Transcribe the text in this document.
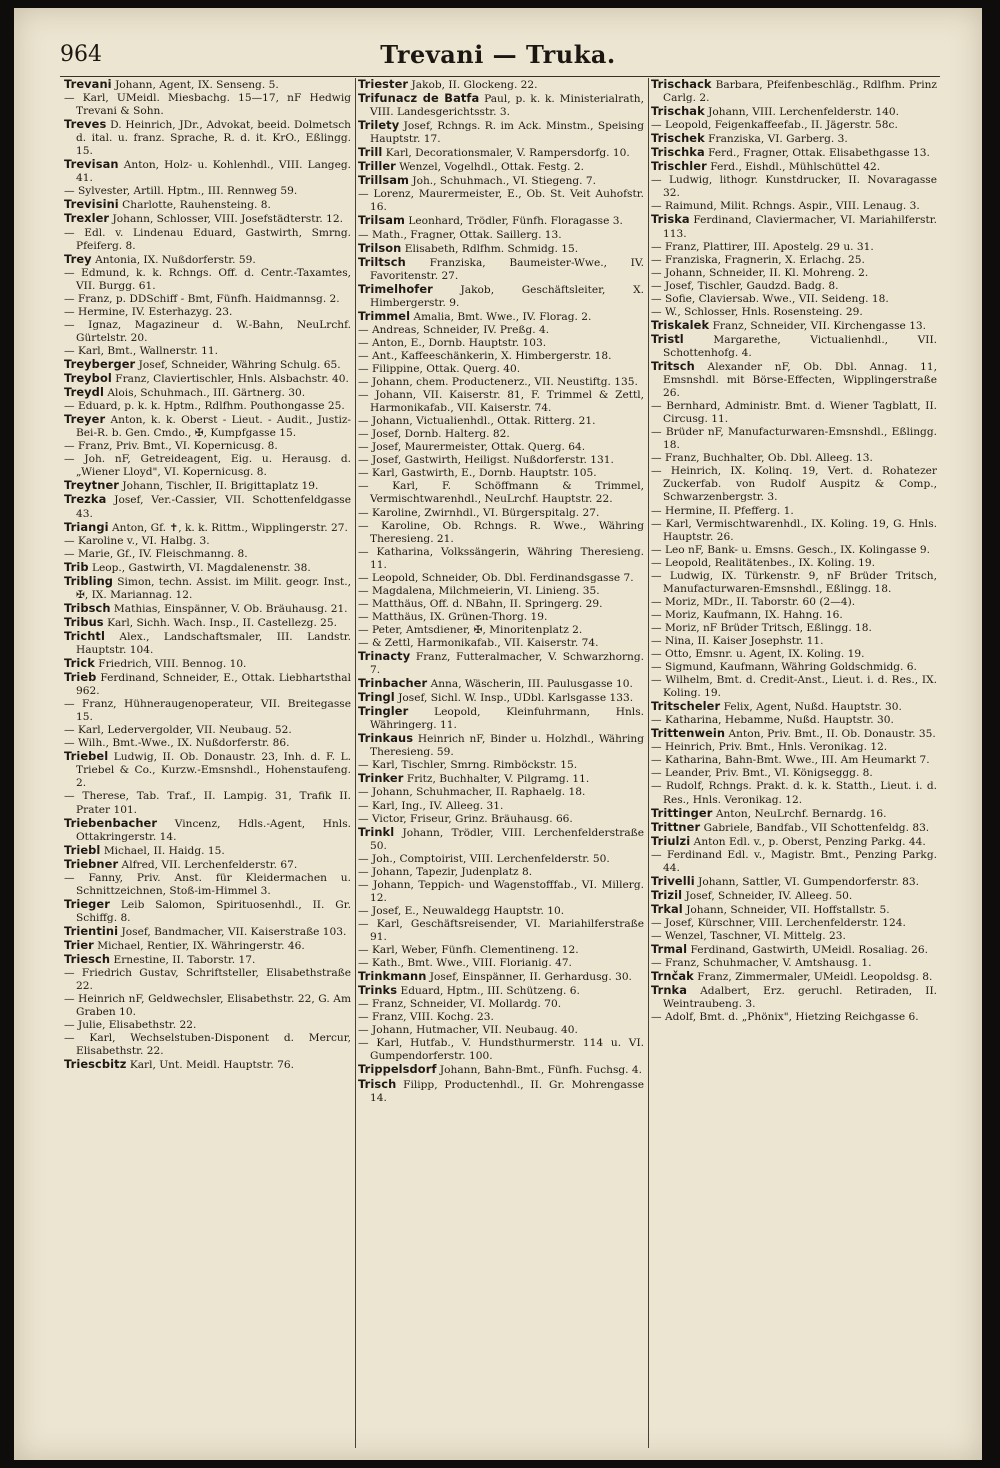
964	Trevani — Truka.

Trevani Johann, Agent, IX. Senseng. 5.

— Karl, UMeidl. Miesbachg. 15—17, nF Hedwig Trevani & Sohn.

Treves D. Heinrich, JDr., Advokat, beeid. Dolmetsch d. ital. u. franz. Sprache, R. d. it. KrO., Eßlingg. 15.

Trevisan Anton, Holz- u. Kohlenhdl., VIII. Langeg. 41.

— Sylvester, Artill. Hptm., III. Rennweg 59.

Trevisini Charlotte, Rauhensteing. 8.

Trexler Johann, Schlosser, VIII. Josefstädterstr. 12.

— Edl. v. Lindenau Eduard, Gastwirth, Smrng. Pfeiferg. 8.

Trey Antonia, IX. Nußdorferstr. 59.

— Edmund, k. k. Rchngs. Off. d. Centr.-Taxamtes, VII. Burgg. 61.

— Franz, p. DDSchiff - Bmt, Fünfh. Haidmannsg. 2.

— Hermine, IV. Esterhazyg. 23.

— Ignaz, Magazineur d. W.-Bahn, NeuLrchf. Gürtelstr. 20.

— Karl, Bmt., Wallnerstr. 11.

Treyberger Josef, Schneider, Währing Schulg. 65.

Treybol Franz, Claviertischler, Hnls. Alsbachstr. 40.

Treydl Alois, Schuhmach., III. Gärtnerg. 30.

— Eduard, p. k. k. Hptm., Rdlfhm. Pouthongasse 25.

Treyer Anton, k. k. Oberst - Lieut. - Audit., Justiz-Bei-R. b. Gen. Cmdo., ✠, Kumpfgasse 15.

— Franz, Priv. Bmt., VI. Kopernicusg. 8.

— Joh. nF, Getreideagent, Eig. u. Herausg. d. „Wiener Lloyd", VI. Kopernicusg. 8.

Treytner Johann, Tischler, II. Brigittaplatz 19.

Trezka Josef, Ver.-Cassier, VII. Schottenfeldgasse 43.

Triangi Anton, Gf. ✝, k. k. Rittm., Wipplingerstr. 27.

— Karoline v., VI. Halbg. 3.

— Marie, Gf., IV. Fleischmanng. 8.

Trib Leop., Gastwirth, VI. Magdalenenstr. 38.

Tribling Simon, techn. Assist. im Milit. geogr. Inst., ✠, IX. Mariannag. 12.

Tribsch Mathias, Einspänner, V. Ob. Bräuhausg. 21.

Tribus Karl, Sichh. Wach. Insp., II. Castellezg. 25.

Trichtl Alex., Landschaftsmaler, III. Landstr. Hauptstr. 104.

Trick Friedrich, VIII. Bennog. 10.

Trieb Ferdinand, Schneider, E., Ottak. Liebhartsthal 962.

— Franz, Hühneraugenoperateur, VII. Breitegasse 15.

— Karl, Ledervergolder, VII. Neubaug. 52.

— Wilh., Bmt.-Wwe., IX. Nußdorferstr. 86.

Triebel Ludwig, II. Ob. Donaustr. 23, Inh. d. F. L. Triebel & Co., Kurzw.-Emsnshdl., Hohenstaufeng. 2.

— Therese, Tab. Traf., II. Lampig. 31, Trafik II. Prater 101.

Triebenbacher Vincenz, Hdls.-Agent, Hnls. Ottakringerstr. 14.

Triebl Michael, II. Haidg. 15.

Triebner Alfred, VII. Lerchenfelderstr. 67.

— Fanny, Priv. Anst. für Kleidermachen u. Schnittzeichnen, Stoß-im-Himmel 3.

Trieger Leib Salomon, Spirituosenhdl., II. Gr. Schiffg. 8.

Trientini Josef, Bandmacher, VII. Kaiserstraße 103.

Trier Michael, Rentier, IX. Währingerstr. 46.

Triesch Ernestine, II. Taborstr. 17.

— Friedrich Gustav, Schriftsteller, Elisabethstraße 22.

— Heinrich nF, Geldwechsler, Elisabethstr. 22, G. Am Graben 10.

— Julie, Elisabethstr. 22.

— Karl, Wechselstuben-Disponent d. Mercur, Elisabethstr. 22.

Triescbitz Karl, Unt. Meidl. Hauptstr. 76.

Triester Jakob, II. Glockeng. 22.

Trifunacz de Batfa Paul, p. k. k. Ministerialrath, VIII. Landesgerichtsstr. 3.

Trilety Josef, Rchngs. R. im Ack. Minstm., Speising Hauptstr. 17.

Trill Karl, Decorationsmaler, V. Rampersdorfg. 10.

Triller Wenzel, Vogelhdl., Ottak. Festg. 2.

Trillsam Joh., Schuhmach., VI. Stiegeng. 7.

— Lorenz, Maurermeister, E., Ob. St. Veit Auhofstr. 16.

Trilsam Leonhard, Trödler, Fünfh. Floragasse 3.

— Math., Fragner, Ottak. Saillerg. 13.

Trilson Elisabeth, Rdlfhm. Schmidg. 15.

Triltsch Franziska, Baumeister-Wwe., IV. Favoritenstr. 27.

Trimelhofer	Jakob, Geschäftsleiter, X. Himbergerstr. 9.

Trimmel Amalia, Bmt. Wwe., IV. Florag. 2.

— Andreas, Schneider, IV. Preßg. 4.

— Anton, E., Dornb. Hauptstr. 103.

— Ant., Kaffeeschänkerin, X. Himbergerstr. 18.

— Filippine, Ottak. Querg. 40.

— Johann, chem. Productenerz., VII. Neustiftg. 135.

— Johann, VII. Kaiserstr. 81, F. Trimmel & Zettl, Harmonikafab., VII. Kaiserstr. 74.

— Johann, Victualienhdl., Ottak. Ritterg. 21.

— Josef, Dornb. Halterg. 82.

— Josef, Maurermeister, Ottak. Querg. 64.

— Josef, Gastwirth, Heiligst. Nußdorferstr. 131.

— Karl, Gastwirth, E., Dornb. Hauptstr. 105.

— Karl, F. Schöffmann & Trimmel, Vermischtwarenhdl., NeuLrchf. Hauptstr. 22.

— Karoline, Zwirnhdl., VI. Bürgerspitalg. 27.

— Karoline, Ob. Rchngs. R. Wwe., Währing Theresieng. 21.

— Katharina, Volkssängerin, Währing Theresieng. 11.

— Leopold, Schneider, Ob. Dbl. Ferdinandsgasse 7.

— Magdalena, Milchmeierin, VI. Linieng. 35.

— Matthäus, Off. d. NBahn, II. Springerg. 29.

— Matthäus, IX. Grünen-Thorg. 19.

— Peter, Amtsdiener, ✠, Minoritenplatz 2.

— & Zettl, Harmonikafab., VII. Kaiserstr. 74.

Trinacty Franz, Futteralmacher, V. Schwarzhorng. 7.

Trinbacher Anna, Wäscherin, III. Paulusgasse 10.

Tringl Josef, Sichl. W. Insp., UDbl. Karlsgasse 133.

Tringler Leopold, Kleinfuhrmann, Hnls. Währingerg. 11.

Trinkaus Heinrich nF, Binder u. Holzhdl., Währing Theresieng. 59.

— Karl, Tischler, Smrng. Rimböckstr. 15.

Trinker Fritz, Buchhalter, V. Pilgramg. 11.

— Johann, Schuhmacher, II. Raphaelg. 18.

— Karl, Ing., IV. Alleeg. 31.

— Victor, Friseur, Grinz. Bräuhausg. 66.

Trinkl Johann, Trödler, VIII. Lerchenfelderstraße 50.

— Joh., Comptoirist, VIII. Lerchenfelderstr. 50.

— Johann, Tapezir, Judenplatz 8.

— Johann, Teppich- und Wagenstofffab., VI. Millerg. 12.

— Josef, E., Neuwaldegg Hauptstr. 10.

— Karl, Geschäftsreisender, VI. Mariahilferstraße 91.

— Karl, Weber, Fünfh. Clementineng. 12.

— Kath., Bmt. Wwe., VIII. Florianig. 47.

Trinkmann Josef, Einspänner, II. Gerhardusg. 30.

Trinks Eduard, Hptm., III. Schützeng. 6.

— Franz, Schneider, VI. Mollardg. 70.

— Franz, VIII. Kochg. 23.

— Johann, Hutmacher, VII. Neubaug. 40.

— Karl, Hutfab., V. Hundsthurmerstr. 114 u. VI. Gumpendorferstr. 100.

Trippelsdorf Johann, Bahn-Bmt., Fünfh. Fuchsg. 4.

Trisch Filipp, Productenhdl., II. Gr. Mohrengasse 14.

Trischack Barbara, Pfeifenbeschläg., Rdlfhm. Prinz Carlg. 2.

Trischak Johann, VIII. Lerchenfelderstr. 140.

— Leopold, Feigenkaffeefab., II. Jägerstr. 58c.

Trischek Franziska, VI. Garberg. 3.

Trischka Ferd., Fragner, Ottak. Elisabethgasse 13.

Trischler Ferd., Eishdl., Mühlschüttel 42.

— Ludwig, lithogr. Kunstdrucker, II. Novaragasse 32.

— Raimund, Milit. Rchngs. Aspir., VIII. Lenaug. 3.

Triska Ferdinand, Claviermacher, VI. Mariahilferstr. 113.

— Franz, Plattirer, III. Apostelg. 29 u. 31.

— Franziska, Fragnerin, X. Erlachg. 25.

— Johann, Schneider, II. Kl. Mohreng. 2.

— Josef, Tischler, Gaudzd. Badg. 8.

— Sofie, Claviersab. Wwe., VII. Seideng. 18.

— W., Schlosser, Hnls. Rosensteing. 29.

Triskalek Franz, Schneider, VII. Kirchengasse 13.

Tristl	Margarethe, Victualienhdl., VII. Schottenhofg. 4.

Tritsch Alexander nF, Ob. Dbl. Annag. 11, Emsnshdl. mit Börse-Effecten, Wipplingerstraße 26.

— Bernhard, Administr. Bmt. d. Wiener Tagblatt, II. Circusg. 11.

— Brüder nF, Manufacturwaren-Emsnshdl., Eßlingg. 18.

— Franz, Buchhalter, Ob. Dbl. Alleeg. 13.

— Heinrich, IX. Kolinq. 19, Vert. d. Rohatezer Zuckerfab. von Rudolf Auspitz & Comp., Schwarzenbergstr. 3.

— Hermine, II. Pfefferg. 1.

— Karl, Vermischtwarenhdl., IX. Koling. 19, G. Hnls. Hauptstr. 26.

— Leo nF, Bank- u. Emsns. Gesch., IX. Kolingasse 9.

— Leopold, Realitätenbes., IX. Koling. 19.

— Ludwig, IX. Türkenstr. 9, nF Brüder Tritsch, Manufacturwaren-Emsnshdl., Eßlingg. 18.

— Moriz, MDr., II. Taborstr. 60 (2—4).

— Moriz, Kaufmann, IX. Hahng. 16.

— Moriz, nF Brüder Tritsch, Eßlingg. 18.

— Nina, II. Kaiser Josephstr. 11.

— Otto, Emsnr. u. Agent, IX. Koling. 19.

— Sigmund, Kaufmann, Währing Goldschmidg. 6.

— Wilhelm, Bmt. d. Credit-Anst., Lieut. i. d. Res., IX. Koling. 19.

Tritscheler Felix, Agent, Nußd. Hauptstr. 30.

— Katharina, Hebamme, Nußd. Hauptstr. 30.

Trittenwein Anton, Priv. Bmt., II. Ob. Donaustr. 35.

— Heinrich, Priv. Bmt., Hnls. Veronikag. 12.

— Katharina, Bahn-Bmt. Wwe., III. Am Heumarkt 7.

— Leander, Priv. Bmt., VI. Königseggg. 8.

— Rudolf, Rchngs. Prakt. d. k. k. Statth., Lieut. i. d. Res., Hnls. Veronikag. 12.

Trittinger Anton, NeuLrchf. Bernardg. 16.

Trittner Gabriele, Bandfab., VII Schottenfeldg. 83.

Triulzi Anton Edl. v., p. Oberst, Penzing Parkg. 44.

— Ferdinand Edl. v., Magistr. Bmt., Penzing Parkg. 44.

Trivelli Johann, Sattler, VI. Gumpendorferstr. 83.

Trizil Josef, Schneider, IV. Alleeg. 50.

Trkal Johann, Schneider, VII. Hoffstallstr. 5.

— Josef, Kürschner, VIII. Lerchenfelderstr. 124.

— Wenzel, Taschner, VI. Mittelg. 23.

Trmal Ferdinand, Gastwirth, UMeidl. Rosaliag. 26.

— Franz, Schuhmacher, V. Amtshausg. 1.

Trnčak Franz, Zimmermaler, UMeidl. Leopoldsg. 8.

Trnka Adalbert, Erz. geruchl. Retiraden, II. Weintraubeng. 3.

— Adolf, Bmt. d. „Phönix", Hietzing Reichgasse 6.
